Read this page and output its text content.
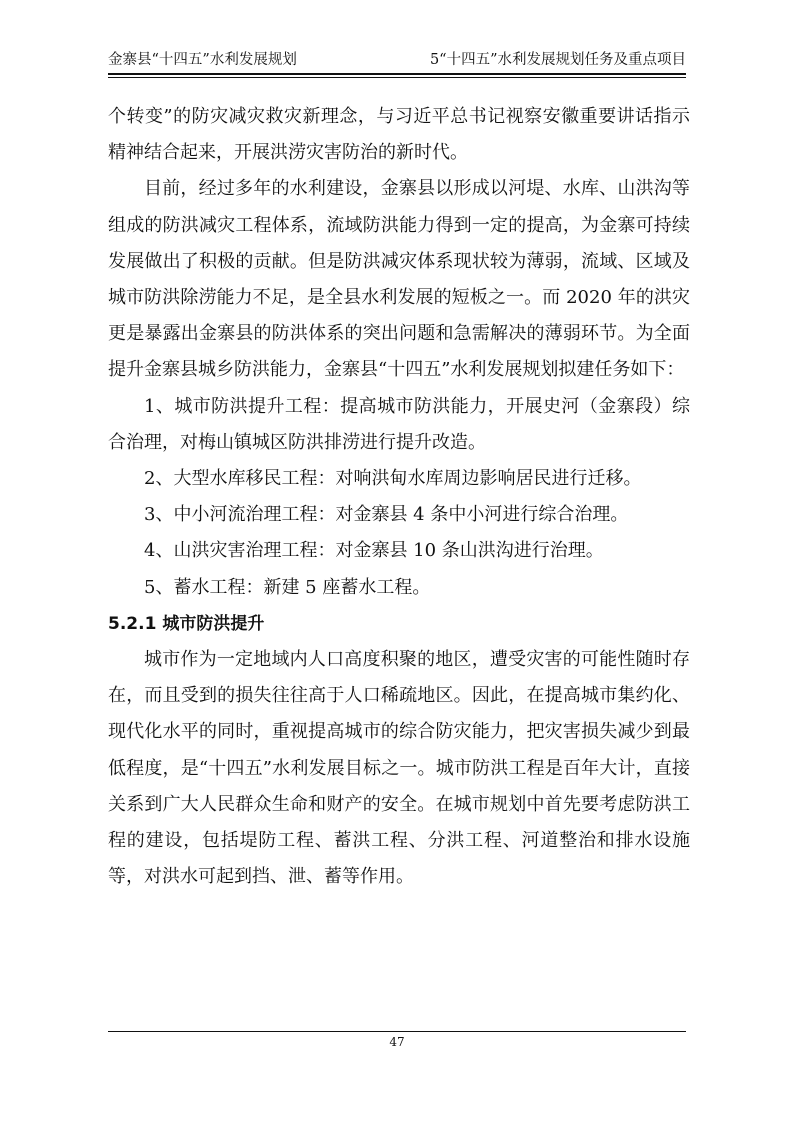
金寨县“十四五”水利发展规划	5“十四五”水利发展规划任务及重点项目

个转变”的防灾减灾救灾新理念，与习近平总书记视察安徽重要讲话指示精神结合起来，开展洪涝灾害防治的新时代。

目前，经过多年的水利建设，金寨县以形成以河堤、水库、山洪沟等组成的防洪减灾工程体系，流域防洪能力得到一定的提高，为金寨可持续发展做出了积极的贡献。但是防洪减灾体系现状较为薄弱，流域、区域及城市防洪除涝能力不足，是全县水利发展的短板之一。而 2020 年的洪灾更是暴露出金寨县的防洪体系的突出问题和急需解决的薄弱环节。为全面提升金寨县城乡防洪能力，金寨县“十四五”水利发展规划拟建任务如下：

1、城市防洪提升工程：提高城市防洪能力，开展史河（金寨段）综合治理，对梅山镇城区防洪排涝进行提升改造。

2、大型水库移民工程：对响洪甸水库周边影响居民进行迁移。

3、中小河流治理工程：对金寨县 4 条中小河进行综合治理。

4、山洪灾害治理工程：对金寨县 10 条山洪沟进行治理。

5、蓄水工程：新建 5 座蓄水工程。

5.2.1 城市防洪提升

城市作为一定地域内人口高度积聚的地区，遭受灾害的可能性随时存在，而且受到的损失往往高于人口稀疏地区。因此，在提高城市集约化、现代化水平的同时，重视提高城市的综合防灾能力，把灾害损失减少到最低程度，是“十四五”水利发展目标之一。城市防洪工程是百年大计，直接关系到广大人民群众生命和财产的安全。在城市规划中首先要考虑防洪工程的建设，包括堤防工程、蓄洪工程、分洪工程、河道整治和排水设施等，对洪水可起到挡、泄、蓄等作用。

47
